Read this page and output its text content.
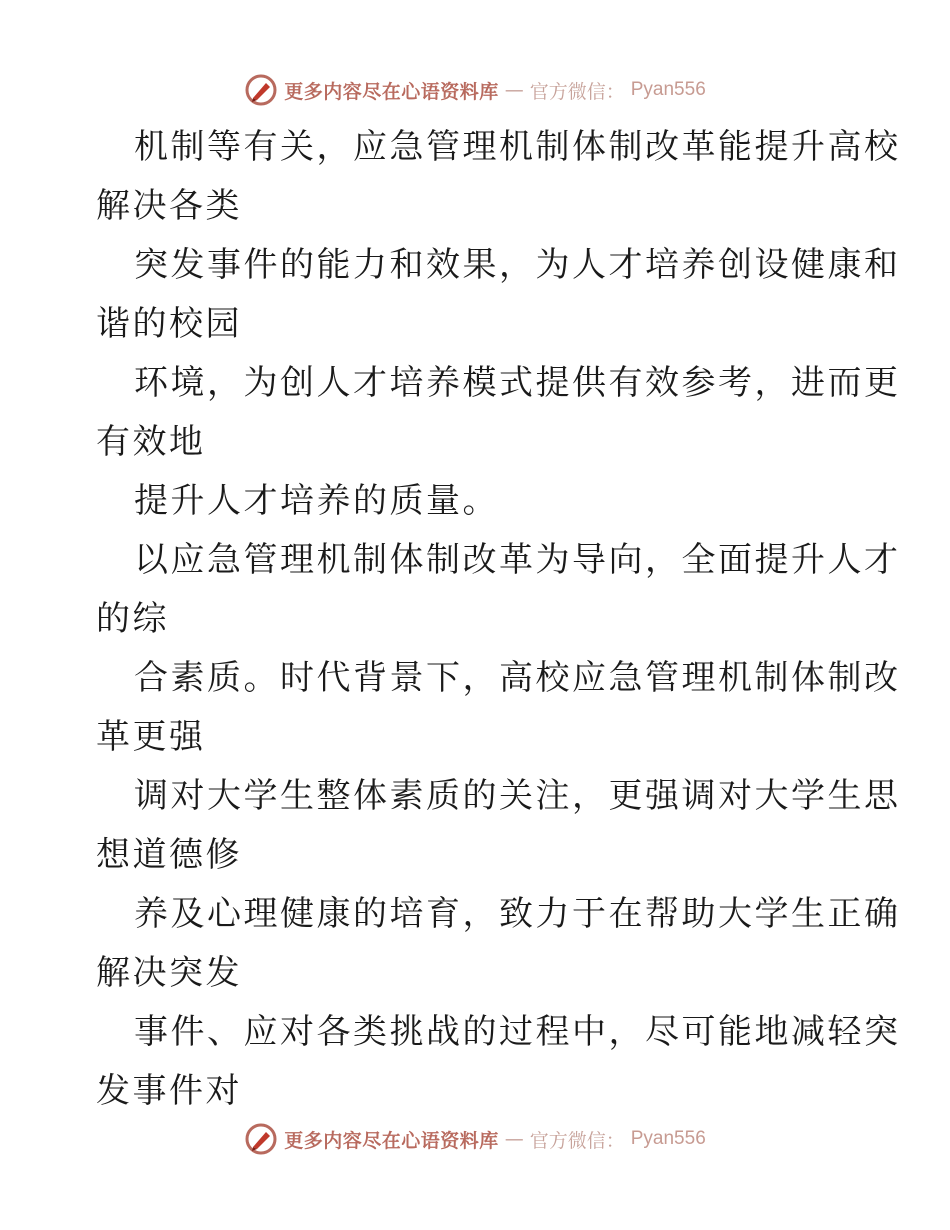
更多内容尽在心语资料库 — 官方微信： Pyan556
机制等有关，应急管理机制体制改革能提升高校
解决各类
突发事件的能力和效果，为人才培养创设健康和
谐的校园
环境，为创人才培养模式提供有效参考，进而更
有效地
提升人才培养的质量。
以应急管理机制体制改革为导向，全面提升人才
的综
合素质。时代背景下，高校应急管理机制体制改
革更强
调对大学生整体素质的关注，更强调对大学生思
想道德修
养及心理健康的培育，致力于在帮助大学生正确
解决突发
事件、应对各类挑战的过程中，尽可能地减轻突
发事件对
更多内容尽在心语资料库 — 官方微信： Pyan556
